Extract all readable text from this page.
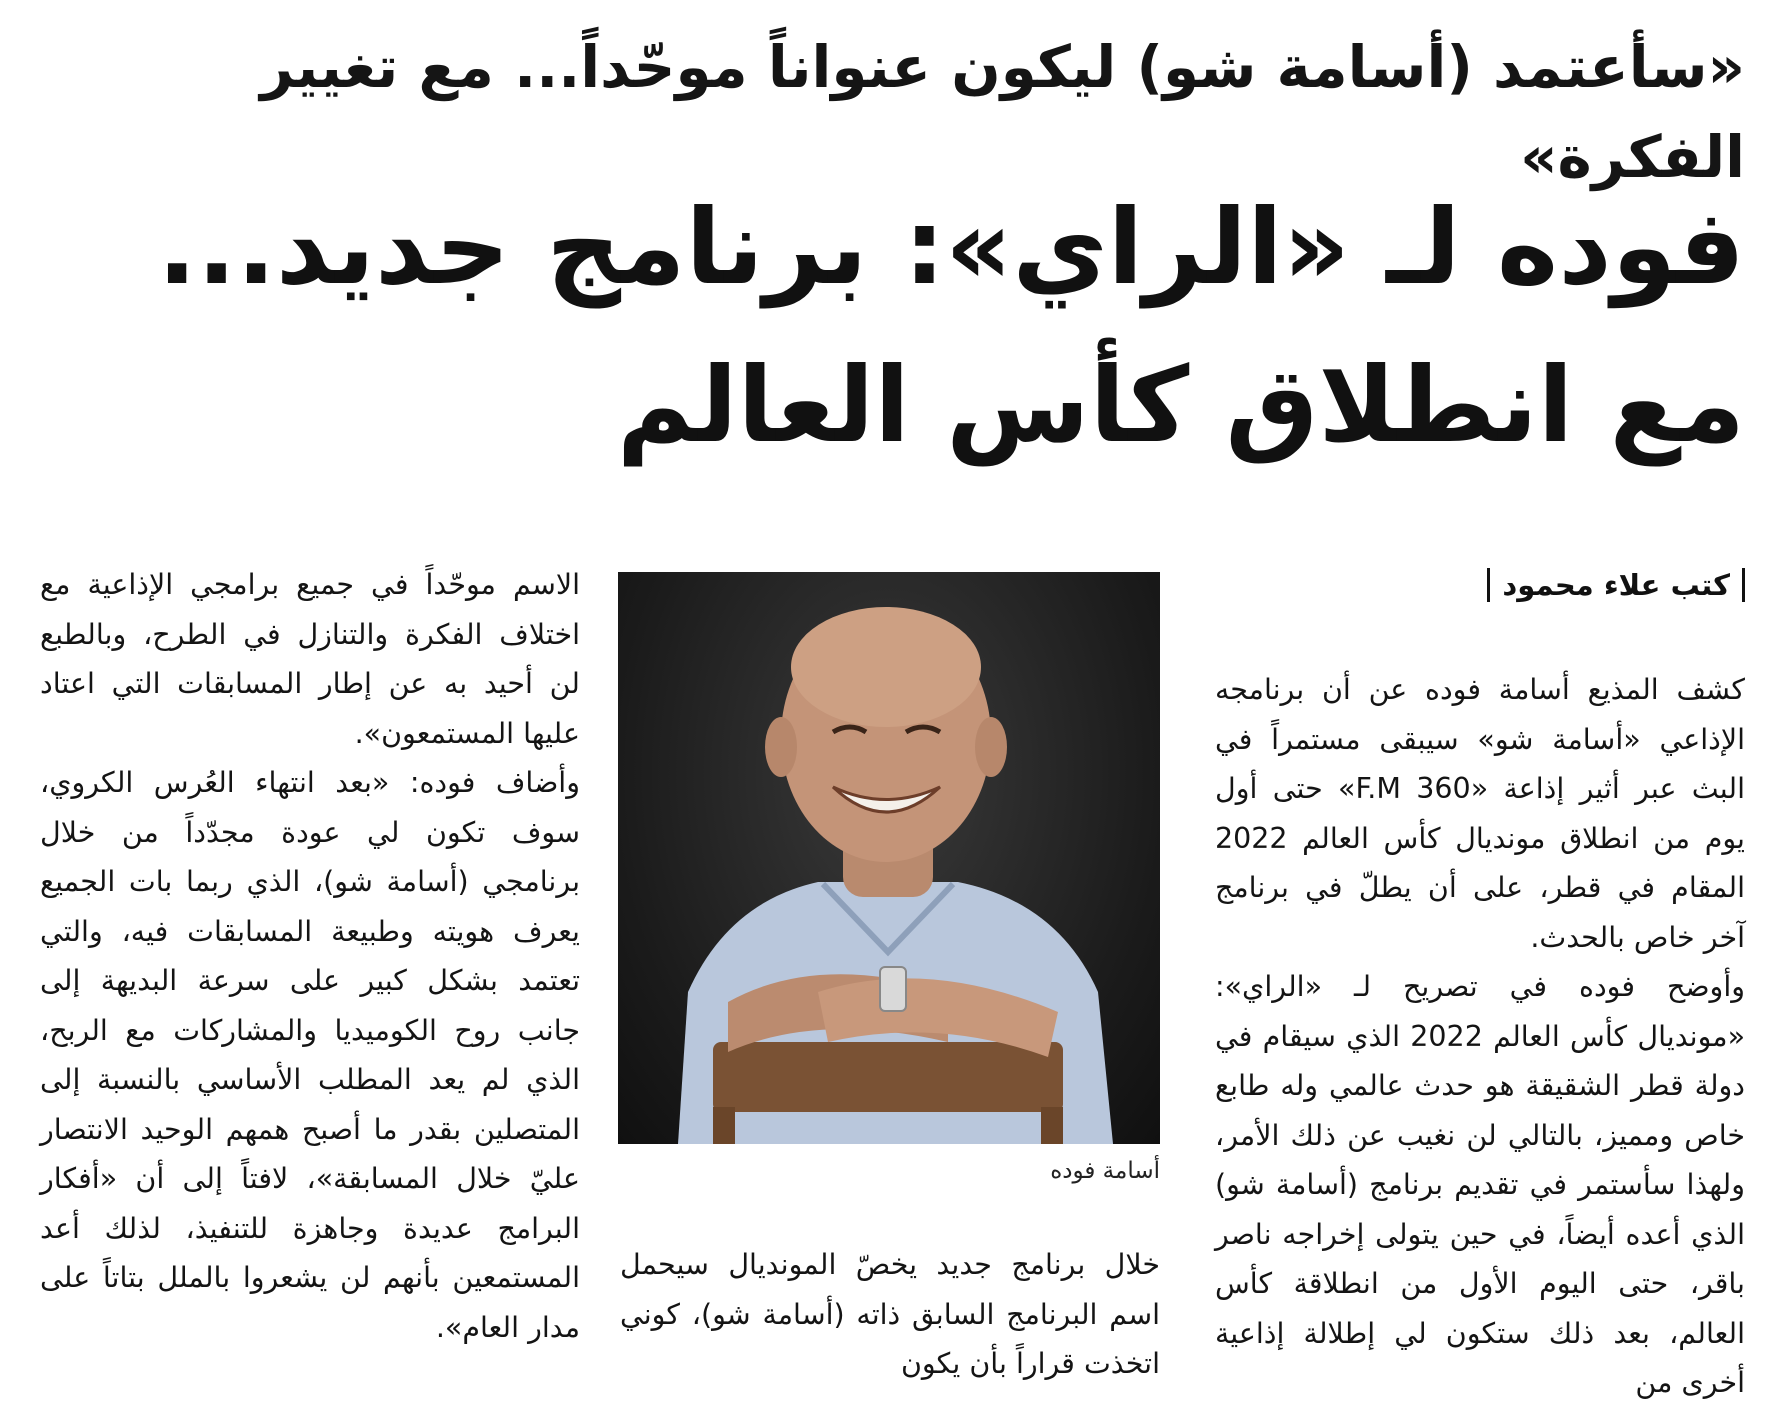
«سأعتمد (أسامة شو) ليكون عنواناً موحّداً... مع تغيير الفكرة»
فوده لـ «الراي»: برنامج جديد...
مع انطلاق كأس العالم
كتب علاء محمود

كشف المذيع أسامة فوده عن أن برنامجه الإذاعي «أسامة شو» سيبقى مستمراً في البث عبر أثير إذاعة «F.M 360» حتى أول يوم من انطلاق مونديال كأس العالم 2022 المقام في قطر، على أن يطلّ في برنامج آخر خاص بالحدث.

وأوضح فوده في تصريح لـ «الراي»: «مونديال كأس العالم 2022 الذي سيقام في دولة قطر الشقيقة هو حدث عالمي وله طابع خاص ومميز، بالتالي لن نغيب عن ذلك الأمر، ولهذا سأستمر في تقديم برنامج (أسامة شو) الذي أعده أيضاً، في حين يتولى إخراجه ناصر باقر، حتى اليوم الأول من انطلاقة كأس العالم، بعد ذلك ستكون لي إطلالة إذاعية أخرى من

أسامة فوده

خلال برنامج جديد يخصّ المونديال سيحمل اسم البرنامج السابق ذاته (أسامة شو)، كوني اتخذت قراراً بأن يكون

الاسم موحّداً في جميع برامجي الإذاعية مع اختلاف الفكرة والتنازل في الطرح، وبالطبع لن أحيد به عن إطار المسابقات التي اعتاد عليها المستمعون».

وأضاف فوده: «بعد انتهاء العُرس الكروي، سوف تكون لي عودة مجدّداً من خلال برنامجي (أسامة شو)، الذي ربما بات الجميع يعرف هويته وطبيعة المسابقات فيه، والتي تعتمد بشكل كبير على سرعة البديهة إلى جانب روح الكوميديا والمشاركات مع الربح، الذي لم يعد المطلب الأساسي بالنسبة إلى المتصلين بقدر ما أصبح همهم الوحيد الانتصار عليّ خلال المسابقة»، لافتاً إلى أن «أفكار البرامج عديدة وجاهزة للتنفيذ، لذلك أعد المستمعين بأنهم لن يشعروا بالملل بتاتاً على مدار العام».
